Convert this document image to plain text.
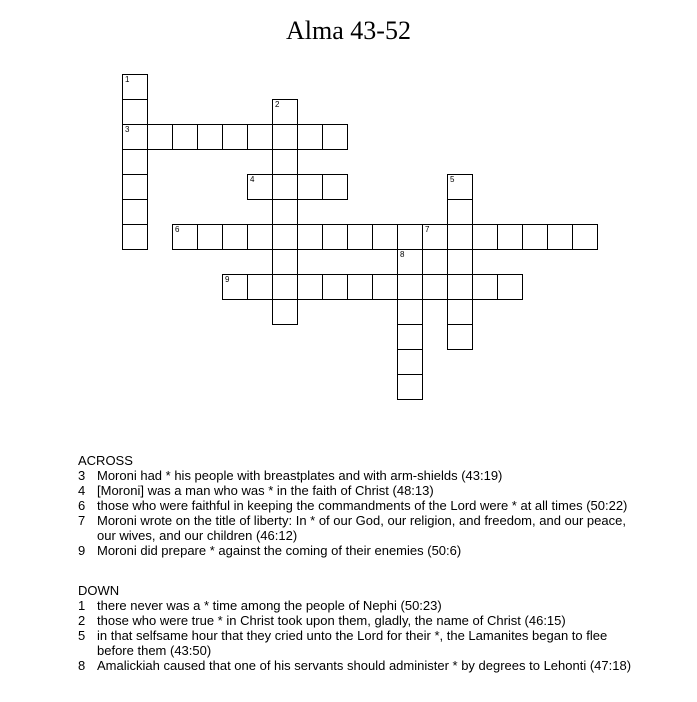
Alma 43-52
1
3
2
4	5
6	7
8
9
ACROSS
3 Moroni had * his people with breastplates and with arm-shields (43:19)
4 [Moroni] was a man who was * in the faith of Christ (48:13)
6 those who were faithful in keeping the commandments of the Lord were * at all times (50:22)
7 Moroni wrote on the title of liberty: In * of our God, our religion, and freedom, and our peace, our wives, and our children (46:12)
9 Moroni did prepare * against the coming of their enemies (50:6)
DOWN
1 there never was a * time among the people of Nephi (50:23)
2 those who were true * in Christ took upon them, gladly, the name of Christ (46:15)
5 in that selfsame hour that they cried unto the Lord for their *, the Lamanites began to flee before them (43:50)
8 Amalickiah caused that one of his servants should administer * by degrees to Lehonti (47:18)
